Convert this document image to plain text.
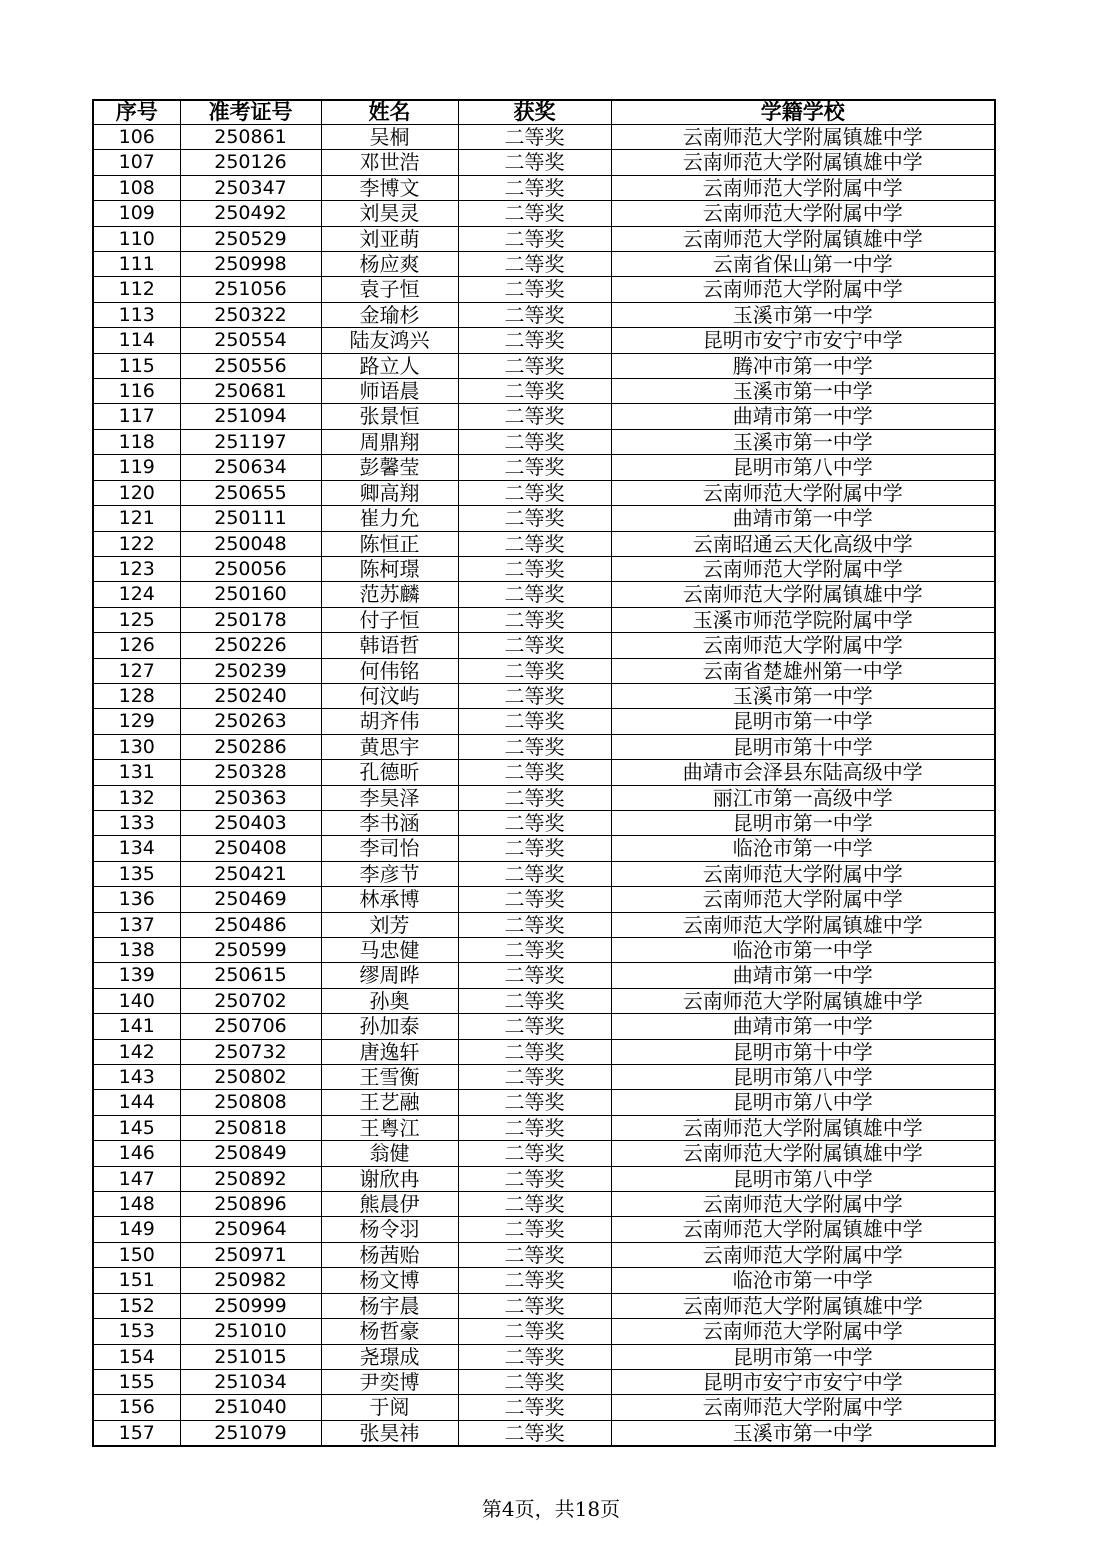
序号	准考证号	姓名	获奖	学籍学校
106	250861	吴桐	二等奖	云南师范大学附属镇雄中学
107	250126	邓世浩	二等奖	云南师范大学附属镇雄中学
108	250347	李博文	二等奖	云南师范大学附属中学
109	250492	刘昊灵	二等奖	云南师范大学附属中学
110	250529	刘亚萌	二等奖	云南师范大学附属镇雄中学
111	250998	杨应爽	二等奖	云南省保山第一中学
112	251056	袁子恒	二等奖	云南师范大学附属中学
113	250322	金瑜杉	二等奖	玉溪市第一中学
114	250554	陆友鸿兴	二等奖	昆明市安宁市安宁中学
115	250556	路立人	二等奖	腾冲市第一中学
116	250681	师语晨	二等奖	玉溪市第一中学
117	251094	张景恒	二等奖	曲靖市第一中学
118	251197	周鼎翔	二等奖	玉溪市第一中学
119	250634	彭馨莹	二等奖	昆明市第八中学
120	250655	卿高翔	二等奖	云南师范大学附属中学
121	250111	崔力允	二等奖	曲靖市第一中学
122	250048	陈恒正	二等奖	云南昭通云天化高级中学
123	250056	陈柯璟	二等奖	云南师范大学附属中学
124	250160	范苏麟	二等奖	云南师范大学附属镇雄中学
125	250178	付子恒	二等奖	玉溪市师范学院附属中学
126	250226	韩语哲	二等奖	云南师范大学附属中学
127	250239	何伟铭	二等奖	云南省楚雄州第一中学
128	250240	何汶屿	二等奖	玉溪市第一中学
129	250263	胡齐伟	二等奖	昆明市第一中学
130	250286	黄思宇	二等奖	昆明市第十中学
131	250328	孔德昕	二等奖	曲靖市会泽县东陆高级中学
132	250363	李昊泽	二等奖	丽江市第一高级中学
133	250403	李书涵	二等奖	昆明市第一中学
134	250408	李司怡	二等奖	临沧市第一中学
135	250421	李彦节	二等奖	云南师范大学附属中学
136	250469	林承博	二等奖	云南师范大学附属中学
137	250486	刘芳	二等奖	云南师范大学附属镇雄中学
138	250599	马忠健	二等奖	临沧市第一中学
139	250615	缪周晔	二等奖	曲靖市第一中学
140	250702	孙奥	二等奖	云南师范大学附属镇雄中学
141	250706	孙加泰	二等奖	曲靖市第一中学
142	250732	唐逸轩	二等奖	昆明市第十中学
143	250802	王雪衡	二等奖	昆明市第八中学
144	250808	王艺融	二等奖	昆明市第八中学
145	250818	王粤江	二等奖	云南师范大学附属镇雄中学
146	250849	翁健	二等奖	云南师范大学附属镇雄中学
147	250892	谢欣冉	二等奖	昆明市第八中学
148	250896	熊晨伊	二等奖	云南师范大学附属中学
149	250964	杨令羽	二等奖	云南师范大学附属镇雄中学
150	250971	杨茜贻	二等奖	云南师范大学附属中学
151	250982	杨文博	二等奖	临沧市第一中学
152	250999	杨宇晨	二等奖	云南师范大学附属镇雄中学
153	251010	杨哲豪	二等奖	云南师范大学附属中学
154	251015	尧璟成	二等奖	昆明市第一中学
155	251034	尹奕博	二等奖	昆明市安宁市安宁中学
156	251040	于阅	二等奖	云南师范大学附属中学
157	251079	张昊祎	二等奖	玉溪市第一中学
第4页，共18页
